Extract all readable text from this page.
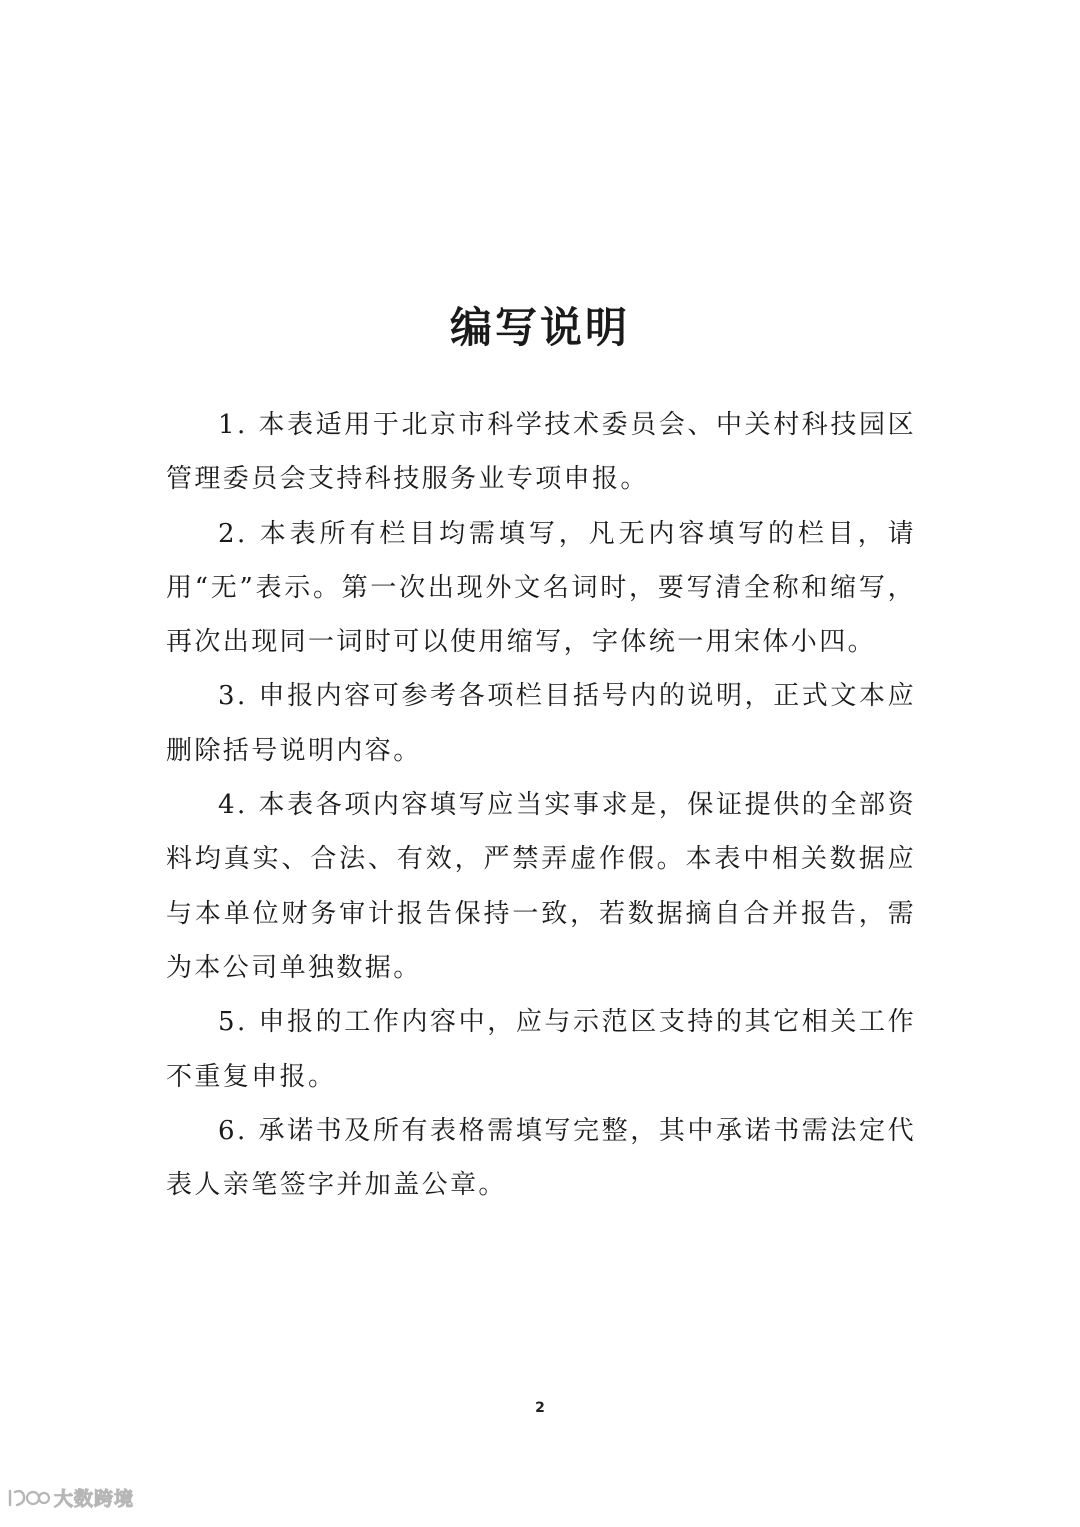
编写说明

1. 本表适用于北京市科学技术委员会、中关村科技园区管理委员会支持科技服务业专项申报。

2. 本表所有栏目均需填写，凡无内容填写的栏目，请用“无”表示。第一次出现外文名词时，要写清全称和缩写，再次出现同一词时可以使用缩写，字体统一用宋体小四。

3. 申报内容可参考各项栏目括号内的说明，正式文本应删除括号说明内容。

4. 本表各项内容填写应当实事求是，保证提供的全部资料均真实、合法、有效，严禁弄虚作假。本表中相关数据应与本单位财务审计报告保持一致，若数据摘自合并报告，需为本公司单独数据。

5. 申报的工作内容中，应与示范区支持的其它相关工作不重复申报。

6. 承诺书及所有表格需填写完整，其中承诺书需法定代表人亲笔签字并加盖公章。

2
大数跨境
